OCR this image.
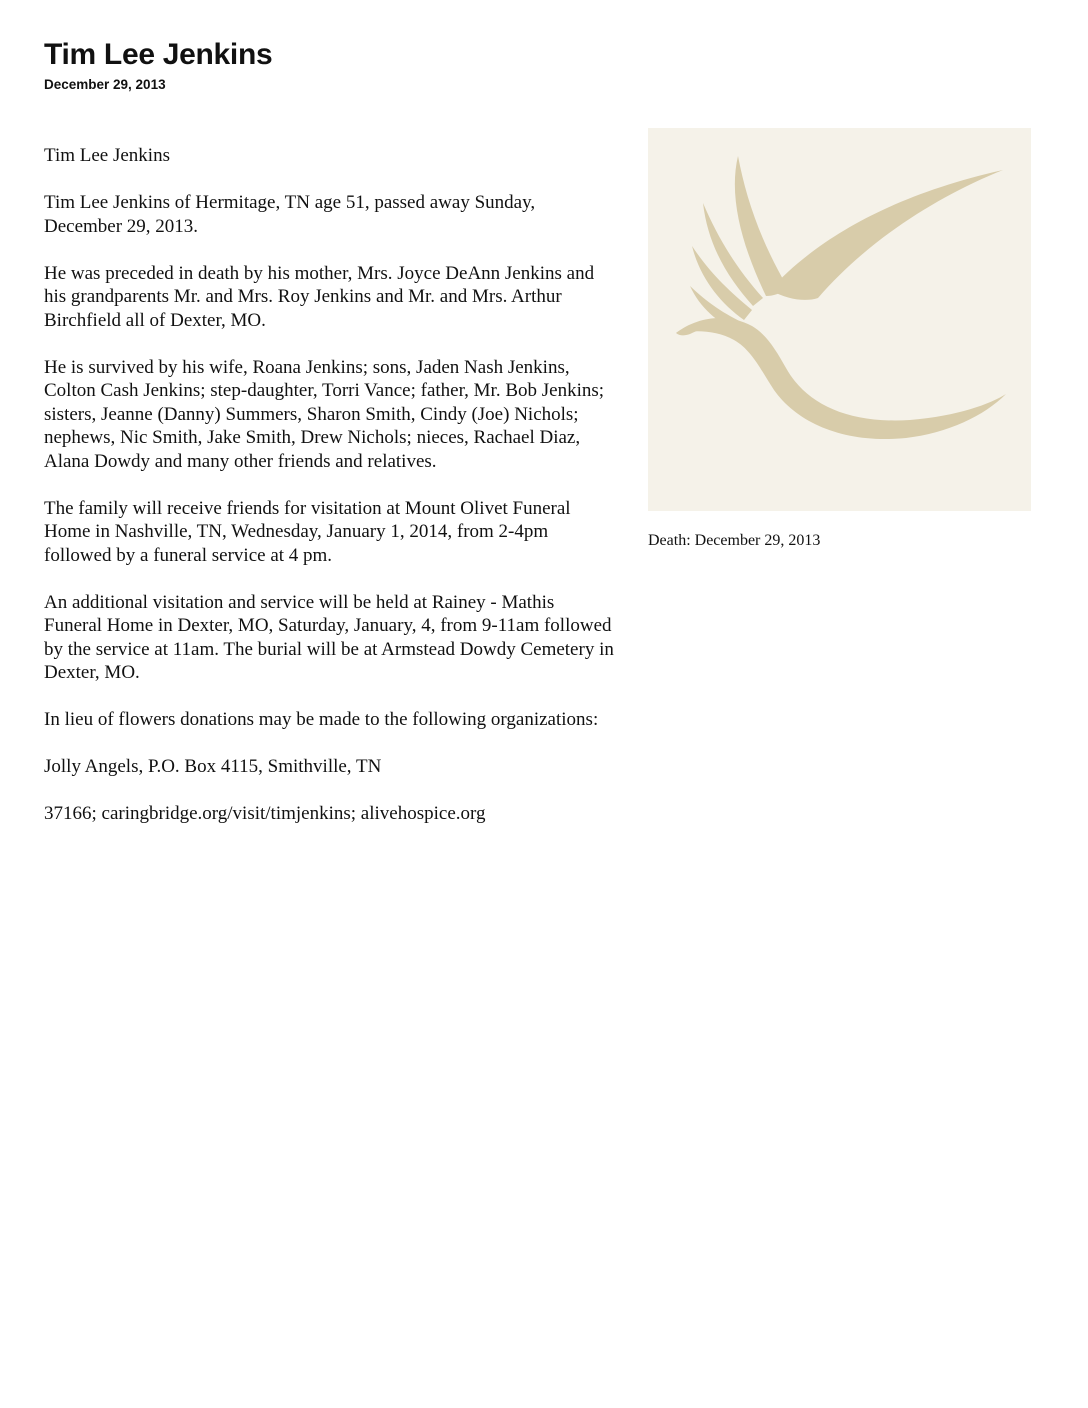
Tim Lee Jenkins
December 29, 2013

Tim Lee Jenkins

Tim Lee Jenkins of Hermitage, TN age 51, passed away Sunday, December 29, 2013.

He was preceded in death by his mother, Mrs. Joyce DeAnn Jenkins and his grandparents Mr. and Mrs. Roy Jenkins and Mr. and Mrs. Arthur Birchfield all of Dexter, MO.

He is survived by his wife, Roana Jenkins; sons, Jaden Nash Jenkins, Colton Cash Jenkins; step-daughter, Torri Vance; father, Mr. Bob Jenkins; sisters, Jeanne (Danny) Summers, Sharon Smith, Cindy (Joe) Nichols; nephews, Nic Smith, Jake Smith, Drew Nichols; nieces, Rachael Diaz, Alana Dowdy and many other friends and relatives.

The family will receive friends for visitation at Mount Olivet Funeral Home in Nashville, TN, Wednesday, January 1, 2014, from 2-4pm followed by a funeral service at 4 pm.

An additional visitation and service will be held at Rainey - Mathis Funeral Home in Dexter, MO, Saturday, January, 4, from 9-11am followed by the service at 11am. The burial will be at Armstead Dowdy Cemetery in Dexter, MO.

In lieu of flowers donations may be made to the following organizations:

Jolly Angels, P.O. Box 4115, Smithville, TN

37166; caringbridge.org/visit/timjenkins; alivehospice.org

Death: December 29, 2013
